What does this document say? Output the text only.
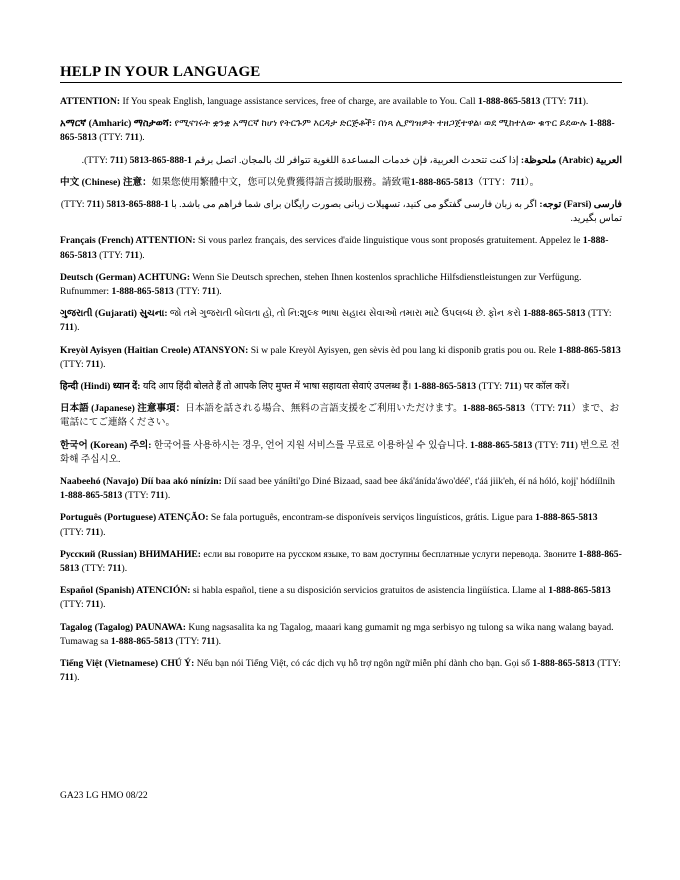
HELP IN YOUR LANGUAGE

ATTENTION: If You speak English, language assistance services, free of charge, are available to You. Call 1-888-865-5813 (TTY: 711).

አማርኛ (Amharic) ማስታወሻ: የሚናገሩት ቋንቋ አማርኛ ከሆነ የትርጉም እርዳታ ድርጅቶች፣ በነጻ ሊያግዝዎት ተዘጋጀተዋል፡ ወደ ሚከተለው ቁጥር ይደውሉ 1-888-865-5813 (TTY: 711).

العربية (Arabic) ملحوظة: إذا كنت تتحدث العربية، فإن خدمات المساعدة اللغوية تتوافر لك بالمجان. اتصل برقم 1-888-865-5813 (TTY: 711).

中文 (Chinese) 注意：如果您使用繁體中文，您可以免費獲得語言援助服務。請致電1-888-865-5813（TTY：711）。

فارسی (Farsi) توجه: اگر به زبان فارسی گفتگو می کنید، تسهیلات زبانی بصورت رایگان برای شما فراهم می باشد. با 1-888-865-5813 (TTY: 711) تماس بگیرید.

Français (French) ATTENTION: Si vous parlez français, des services d'aide linguistique vous sont proposés gratuitement. Appelez le 1-888-865-5813 (TTY: 711).

Deutsch (German) ACHTUNG: Wenn Sie Deutsch sprechen, stehen Ihnen kostenlos sprachliche Hilfsdienstleistungen zur Verfügung. Rufnummer: 1-888-865-5813 (TTY: 711).

ગુજરાતી (Gujarati) સુચના: જો તમે ગુજરાતી બોલતા હો, તો નિ:શુલ્ક ભાષા સહાય સેવાઓ તમારા માટે ઉપલબ્ધ છે. ફોન કરો 1-888-865-5813 (TTY: 711).

Kreyòl Ayisyen (Haitian Creole) ATANSYON: Si w pale Kreyòl Ayisyen, gen sèvis èd pou lang ki disponib gratis pou ou. Rele 1-888-865-5813 (TTY: 711).

हिन्दी (Hindi) ध्यान दें: यदि आप हिंदी बोलते हैं तो आपके लिए मुफ्त में भाषा सहायता सेवाएं उपलब्ध हैं। 1-888-865-5813 (TTY: 711) पर कॉल करें।

日本語 (Japanese) 注意事項：日本語を話される場合、無料の言語支援をご利用いただけます。1-888-865-5813（TTY: 711）まで、お電話にてご連絡ください。

한국어 (Korean) 주의: 한국어를 사용하시는 경우, 언어 지원 서비스를 무료로 이용하실 수 있습니다. 1-888-865-5813 (TTY: 711) 번으로 전화해 주십시오.

Naabeehó (Navajo) Díí baa akó nínízin: Díí saad bee yáníłti'go Diné Bizaad, saad bee áká'ánída'áwo'déé', t'áá jiik'eh, éí ná hóló, kojį' hódíílnih 1-888-865-5813 (TTY: 711).

Português (Portuguese) ATENÇÃO: Se fala português, encontram-se disponíveis serviços linguísticos, grátis. Ligue para 1-888-865-5813 (TTY: 711).

Русский (Russian) ВНИМАНИЕ: если вы говорите на русском языке, то вам доступны бесплатные услуги перевода. Звоните 1-888-865-5813 (TTY: 711).

Español (Spanish) ATENCIÓN: si habla español, tiene a su disposición servicios gratuitos de asistencia lingüística. Llame al 1-888-865-5813 (TTY: 711).

Tagalog (Tagalog) PAUNAWA: Kung nagsasalita ka ng Tagalog, maaari kang gumamit ng mga serbisyo ng tulong sa wika nang walang bayad. Tumawag sa 1-888-865-5813 (TTY: 711).

Tiếng Việt (Vietnamese) CHÚ Ý: Nếu bạn nói Tiếng Việt, có các dịch vụ hỗ trợ ngôn ngữ miễn phí dành cho bạn. Gọi số 1-888-865-5813 (TTY: 711).

GA23 LG HMO 08/22
